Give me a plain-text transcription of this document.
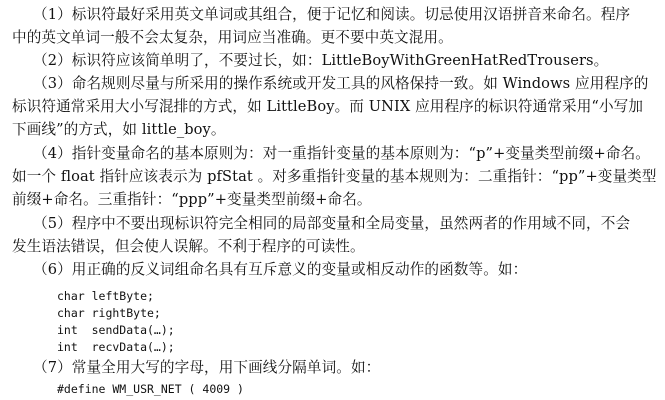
（1）标识符最好采用英文单词或其组合，便于记忆和阅读。切忌使用汉语拼音来命名。程序
中的英文单词一般不会太复杂，用词应当准确。更不要中英文混用。
（2）标识符应该简单明了，不要过长，如：LittleBoyWithGreenHatRedTrousers。
（3）命名规则尽量与所采用的操作系统或开发工具的风格保持一致。如 Windows 应用程序的
标识符通常采用大小写混排的方式，如 LittleBoy。而 UNIX 应用程序的标识符通常采用“小写加
下画线”的方式，如 little_boy。
（4）指针变量命名的基本原则为：对一重指针变量的基本原则为：“p”+变量类型前缀+命名。
如一个 float 指针应该表示为 pfStat 。对多重指针变量的基本规则为：二重指针：“pp”+变量类型
前缀+命名。三重指针：“ppp”+变量类型前缀+命名。
（5）程序中不要出现标识符完全相同的局部变量和全局变量，虽然两者的作用域不同，不会
发生语法错误，但会使人误解。不利于程序的可读性。
（6）用正确的反义词组命名具有互斥意义的变量或相反动作的函数等。如：
char leftByte;
char rightByte;
int  sendData(…);
int  recvData(…);
（7）常量全用大写的字母，用下画线分隔单词。如：
#define WM_USR_NET ( 4009 )
